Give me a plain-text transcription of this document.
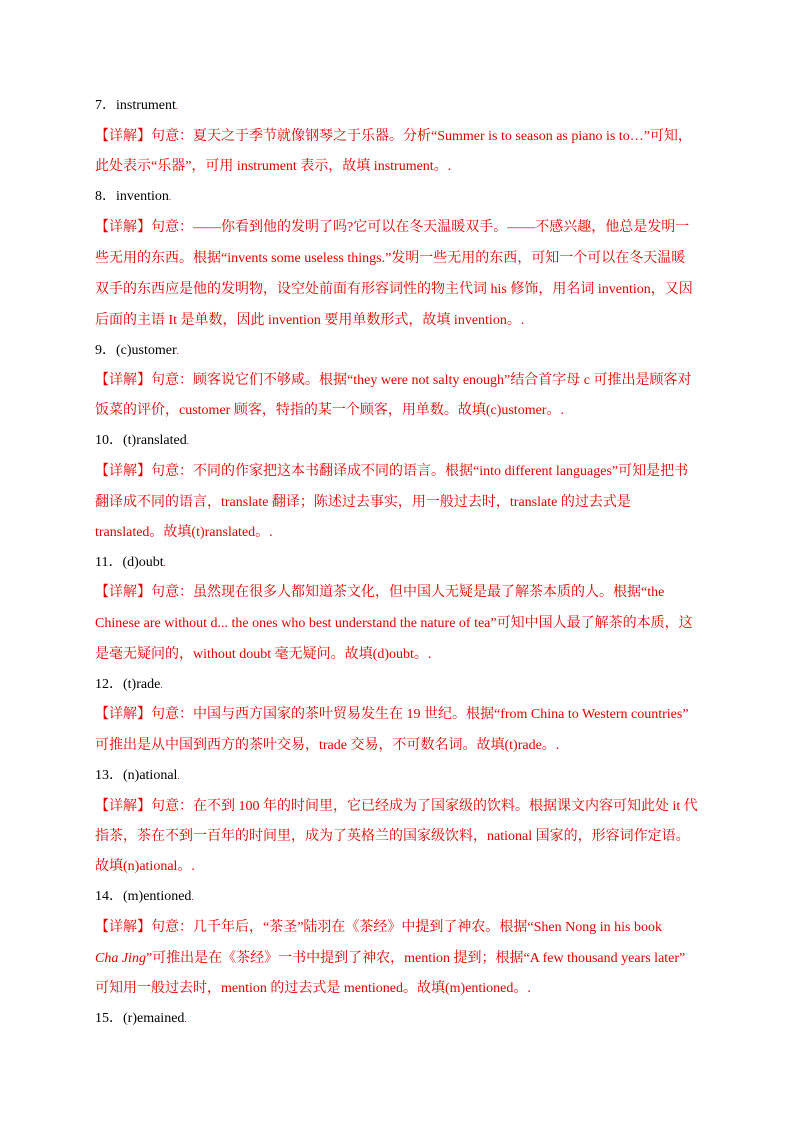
7．instrument.
【详解】句意：夏天之于季节就像钢琴之于乐器。分析“Summer is to season as piano is to…”可知，
此处表示“乐器”，可用 instrument 表示，故填 instrument。.
8．invention.
【详解】句意：——你看到他的发明了吗?它可以在冬天温暖双手。——不感兴趣，他总是发明一
些无用的东西。根据“invents some useless things.”发明一些无用的东西，可知一个可以在冬天温暖
双手的东西应是他的发明物，设空处前面有形容词性的物主代词 his 修饰，用名词 invention，又因
后面的主语 It 是单数，因此 invention 要用单数形式，故填 invention。.
9．(c)ustomer.
【详解】句意：顾客说它们不够咸。根据“they were not salty enough”结合首字母 c 可推出是顾客对
饭菜的评价，customer 顾客，特指的某一个顾客，用单数。故填(c)ustomer。.
10．(t)ranslated.
【详解】句意：不同的作家把这本书翻译成不同的语言。根据“into different languages”可知是把书
翻译成不同的语言，translate 翻译；陈述过去事实，用一般过去时，translate 的过去式是
translated。故填(t)ranslated。.
11．(d)oubt.
【详解】句意：虽然现在很多人都知道茶文化，但中国人无疑是最了解茶本质的人。根据“the
Chinese are without d... the ones who best understand the nature of tea”可知中国人最了解茶的本质，这
是毫无疑问的，without doubt 毫无疑问。故填(d)oubt。.
12．(t)rade.
【详解】句意：中国与西方国家的茶叶贸易发生在 19 世纪。根据“from China to Western countries”
可推出是从中国到西方的茶叶交易，trade 交易，不可数名词。故填(t)rade。.
13．(n)ational.
【详解】句意：在不到 100 年的时间里，它已经成为了国家级的饮料。根据课文内容可知此处 it 代
指茶，茶在不到一百年的时间里，成为了英格兰的国家级饮料，national 国家的，形容词作定语。
故填(n)ational。.
14．(m)entioned.
【详解】句意：几千年后，“茶圣”陆羽在《茶经》中提到了神农。根据“Shen Nong in his book
Cha Jing”可推出是在《茶经》一书中提到了神农，mention 提到；根据“A few thousand years later”
可知用一般过去时，mention 的过去式是 mentioned。故填(m)entioned。.
15．(r)emained.
